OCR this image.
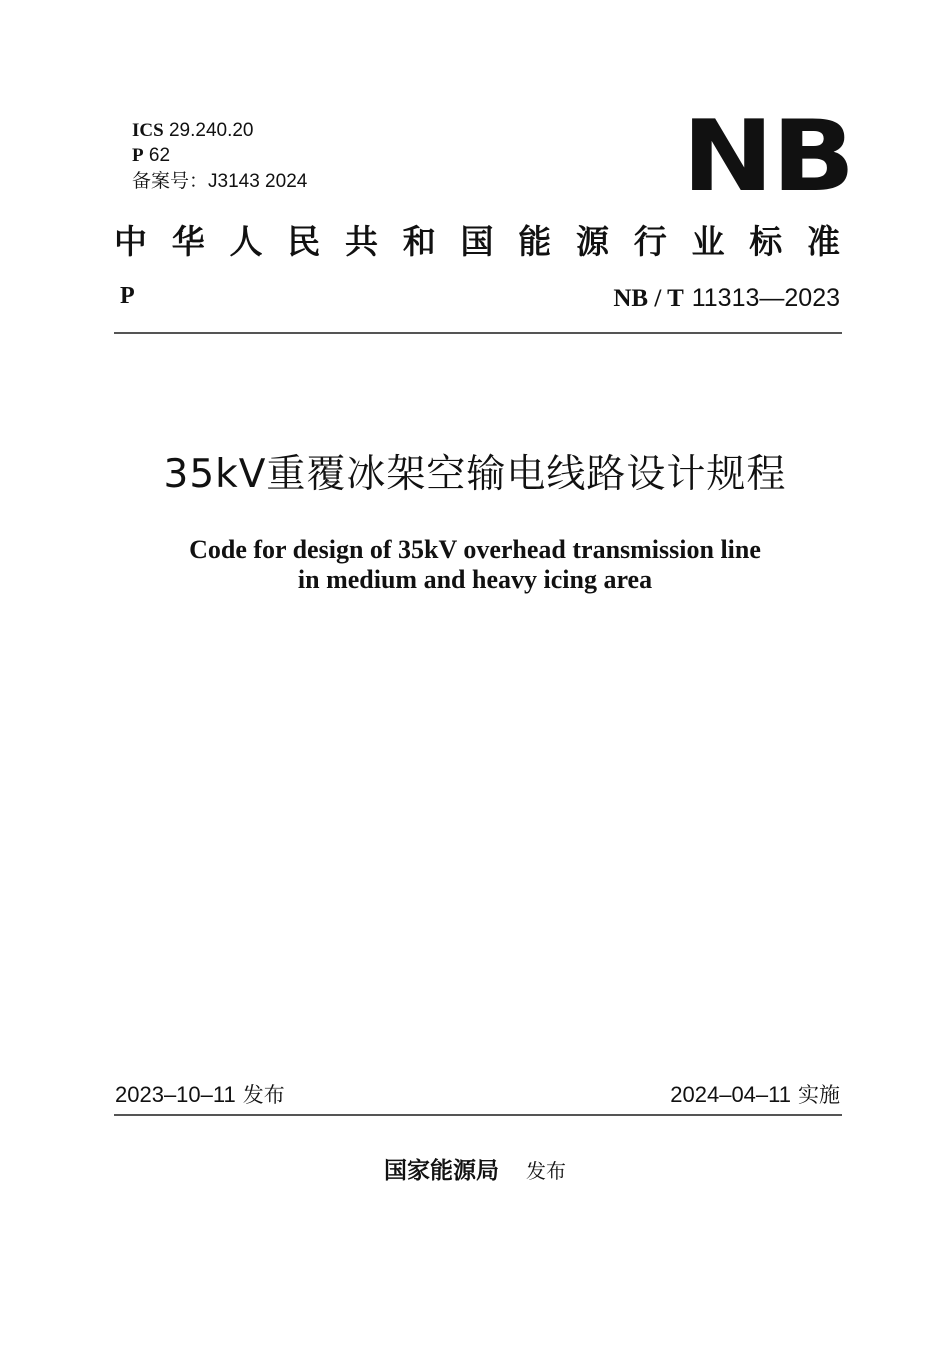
ICS 29.240.20
P 62
备案号：J3143 2024	NB
中 华 人 民 共 和 国 能 源 行 业 标 准
P	NB / T 11313—2023
35kV重覆冰架空输电线路设计规程
Code for design of 35kV overhead transmission line
in medium and heavy icing area
2023–10–11 发布	2024–04–11 实施
国家能源局 发布
